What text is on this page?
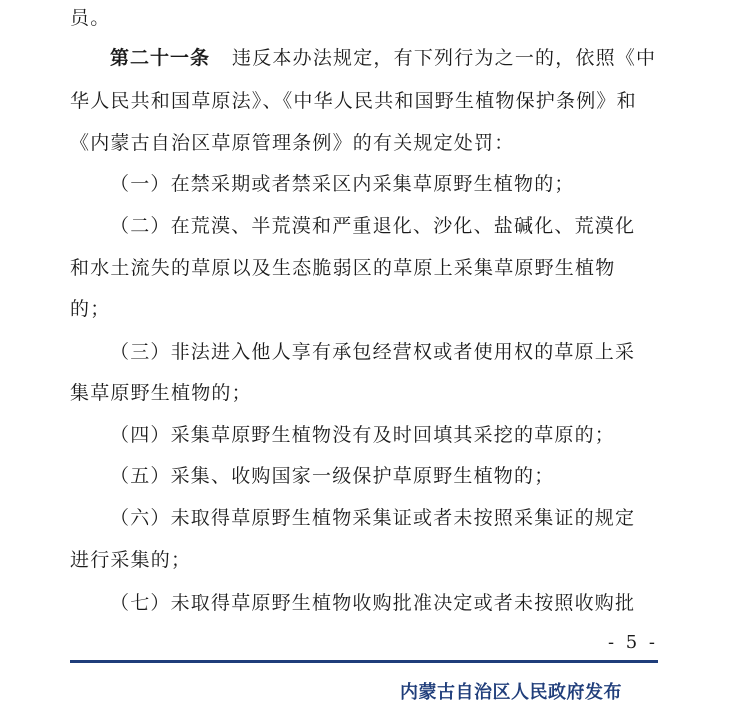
员。
第二十一条 违反本办法规定，有下列行为之一的，依照《中
华人民共和国草原法》、《中华人民共和国野生植物保护条例》和
《内蒙古自治区草原管理条例》的有关规定处罚：
（一）在禁采期或者禁采区内采集草原野生植物的；
（二）在荒漠、半荒漠和严重退化、沙化、盐碱化、荒漠化
和水土流失的草原以及生态脆弱区的草原上采集草原野生植物
的；
（三）非法进入他人享有承包经营权或者使用权的草原上采
集草原野生植物的；
（四）采集草原野生植物没有及时回填其采挖的草原的；
（五）采集、收购国家一级保护草原野生植物的；
（六）未取得草原野生植物采集证或者未按照采集证的规定
进行采集的；
（七）未取得草原野生植物收购批准决定或者未按照收购批
- 5 -
内蒙古自治区人民政府发布
